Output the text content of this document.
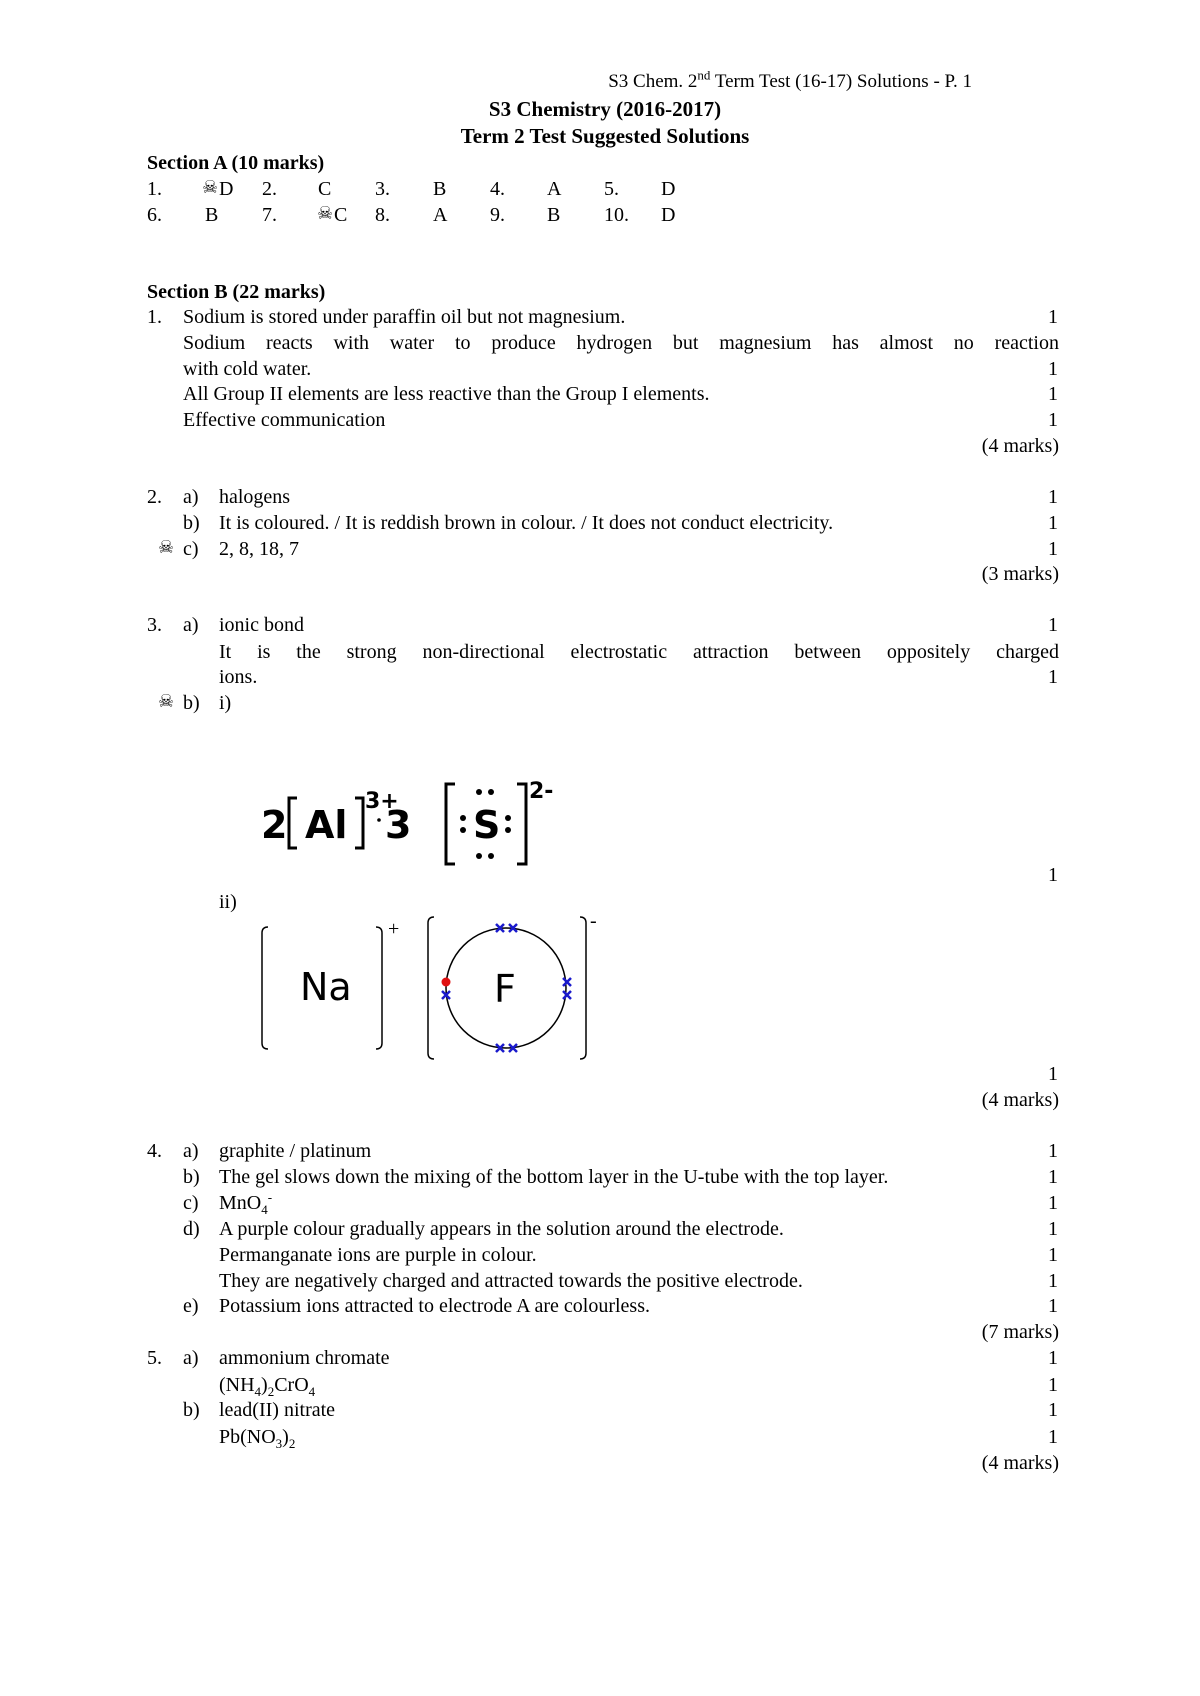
S3 Chem. 2nd Term Test (16-17) Solutions - P. 1
S3 Chemistry (2016-2017)
Term 2 Test Suggested Solutions
Section A (10 marks)
1. ☠ D 2. C 3. B 4. A 5. D
6. B 7. ☠ C 8. A 9. B 10. D
Section B (22 marks)
1. Sodium is stored under paraffin oil but not magnesium.	1
Sodium reacts with water to produce hydrogen but magnesium has almost no reaction
with cold water.	1
All Group II elements are less reactive than the Group I elements.	1
Effective communication	1
(4 marks)
2. a) halogens	1
b) It is coloured. / It is reddish brown in colour. / It does not conduct electricity.	1
☠ c) 2, 8, 18, 7	1
(3 marks)
3. a) ionic bond	1
It is the strong non-directional electrostatic attraction between oppositely charged
ions.	1
☠ b) i)
2 Al
3+
3 S
2-
1
ii)
Na
+
F
-
1
(4 marks)
4. a) graphite / platinum	1
b) The gel slows down the mixing of the bottom layer in the U-tube with the top layer.	1
c) MnO$_4$-	1
d) A purple colour gradually appears in the solution around the electrode.	1
Permanganate ions are purple in colour.	1
They are negatively charged and attracted towards the positive electrode.	1
e) Potassium ions attracted to electrode A are colourless.	1
(7 marks)
5. a) ammonium chromate	1
$(NH_4)_2CrO_4$	1
b) lead(II) nitrate	1
$Pb(NO_3)_2$	1
(4 marks)
